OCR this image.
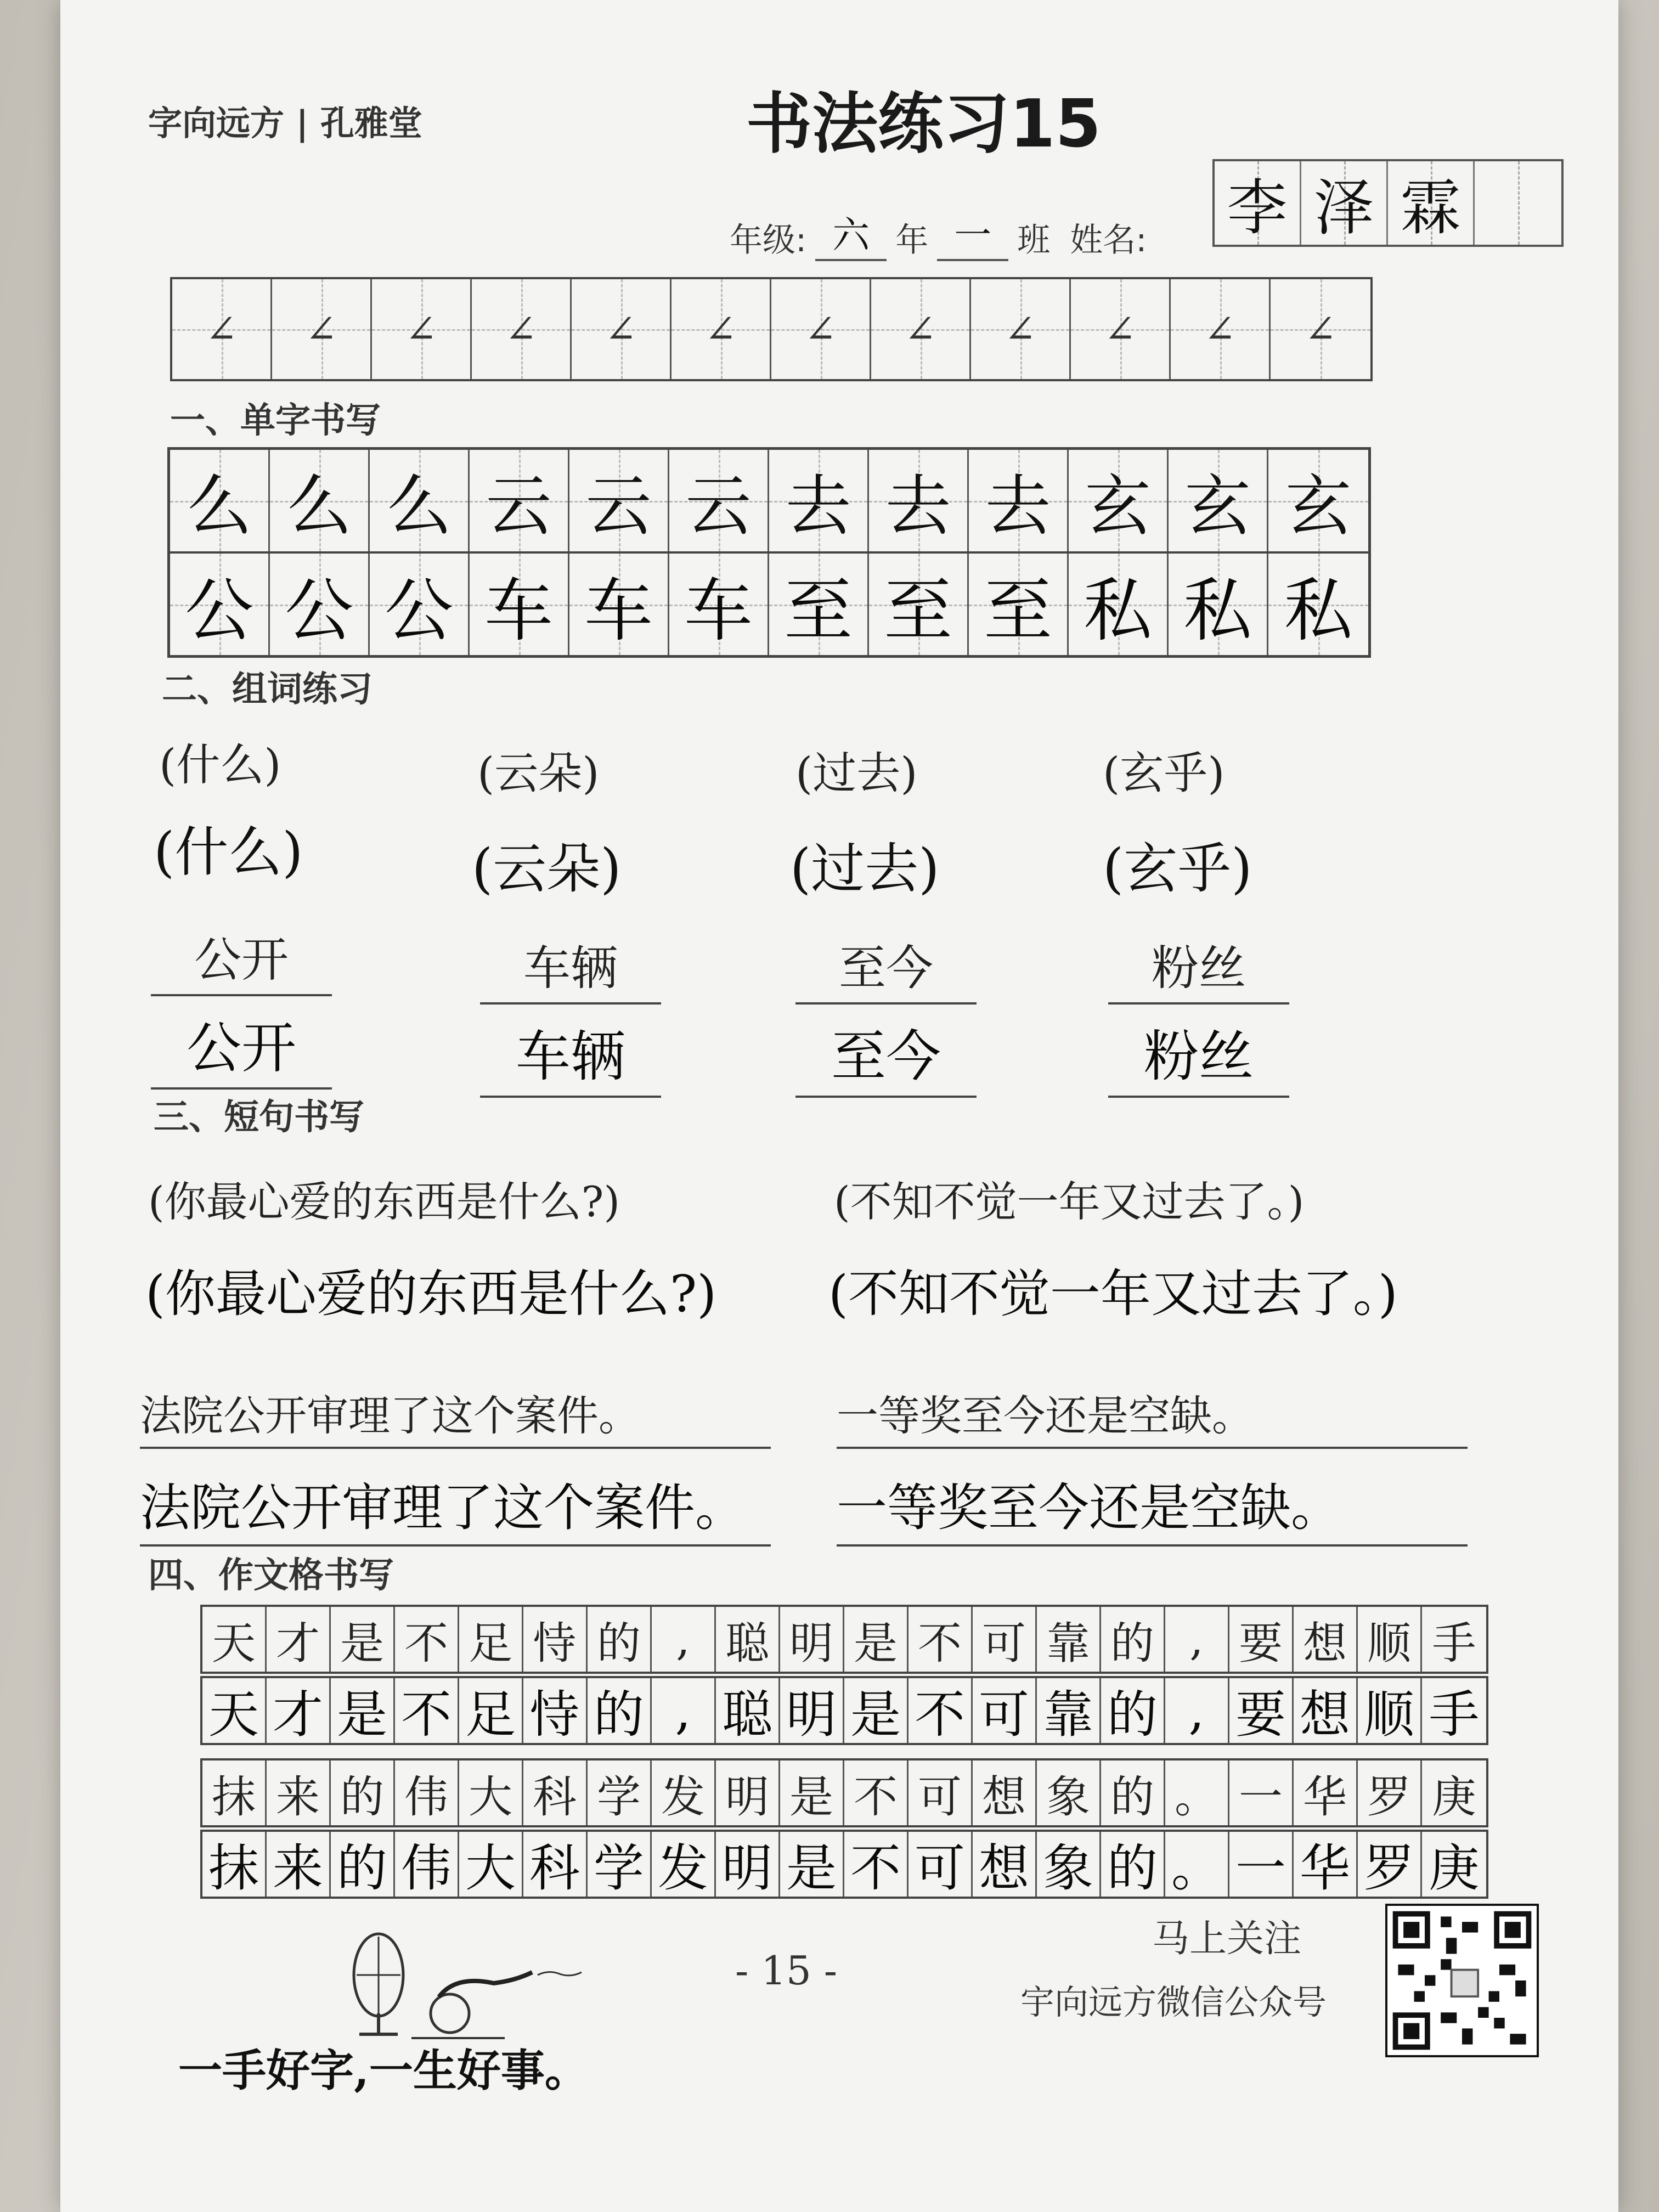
字向远方 | 孔雅堂	书法练习15
年级: 六 年 一 班 姓名: 李 泽 霖
∠ ∠ ∠ ∠ ∠ ∠ ∠ ∠ ∠ ∠ ∠ ∠
一、单字书写
么 么 么 云 云 云 去 去 去 玄 玄 玄
公 公 公 车 车 车 至 至 至 私 私 私
二、组词练习
(什么)	(云朵)	(过去)	(玄乎)
(什么)	(云朵)	(过去)	(玄乎)
公开	车辆	至今	粉丝
公开	车辆	至今	粉丝
三、短句书写
(你最心爱的东西是什么?)	(不知不觉一年又过去了。)
(你最心爱的东西是什么?) (不知不觉一年又过去了。)
法院公开审理了这个案件。	一等奖至今还是空缺。
法院公开审理了这个案件。	一等奖至今还是空缺。
四、作文格书写
天 才 是 不 足 恃 的 , 聪 明 是 不 可 靠 的 , 要 想 顺 手
天 才 是 不 足 恃 的 , 聪 明 是 不 可 靠 的 , 要 想 顺 手
抹 来 的 伟 大 科 学 发 明 是 不 可 想 象 的 。 一 华 罗 庚
抹 来 的 伟 大 科 学 发 明 是 不 可 想 象 的 。 一 华 罗 庚
- 15 -
马上关注
宇向远方微信公众号
一手好字,一生好事。
